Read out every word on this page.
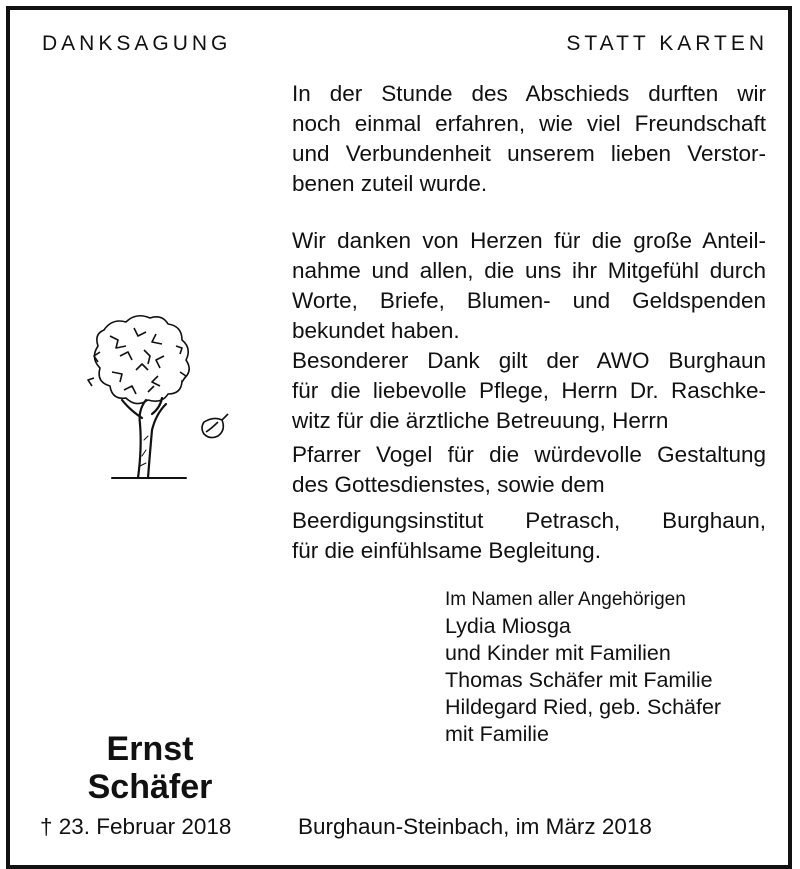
DANKSAGUNG	STATT KARTEN
In der Stunde des Abschieds durften wir
noch einmal erfahren, wie viel Freundschaft
und Verbundenheit unserem lieben Verstor-
benen zuteil wurde.
Wir danken von Herzen für die große Anteil-
nahme und allen, die uns ihr Mitgefühl durch
Worte, Briefe, Blumen- und Geldspenden
bekundet haben.
Besonderer Dank gilt der AWO Burghaun
für die liebevolle Pflege, Herrn Dr. Raschke-
witz für die ärztliche Betreuung, Herrn
Pfarrer Vogel für die würdevolle Gestaltung
des Gottesdienstes, sowie dem
Beerdigungsinstitut Petrasch, Burghaun,
für die einfühlsame Begleitung.
Im Namen aller Angehörigen
Lydia Miosga
und Kinder mit Familien
Thomas Schäfer mit Familie
Hildegard Ried, geb. Schäfer
mit Familie
Ernst
Schäfer
† 23. Februar 2018	Burghaun-Steinbach, im März 2018
